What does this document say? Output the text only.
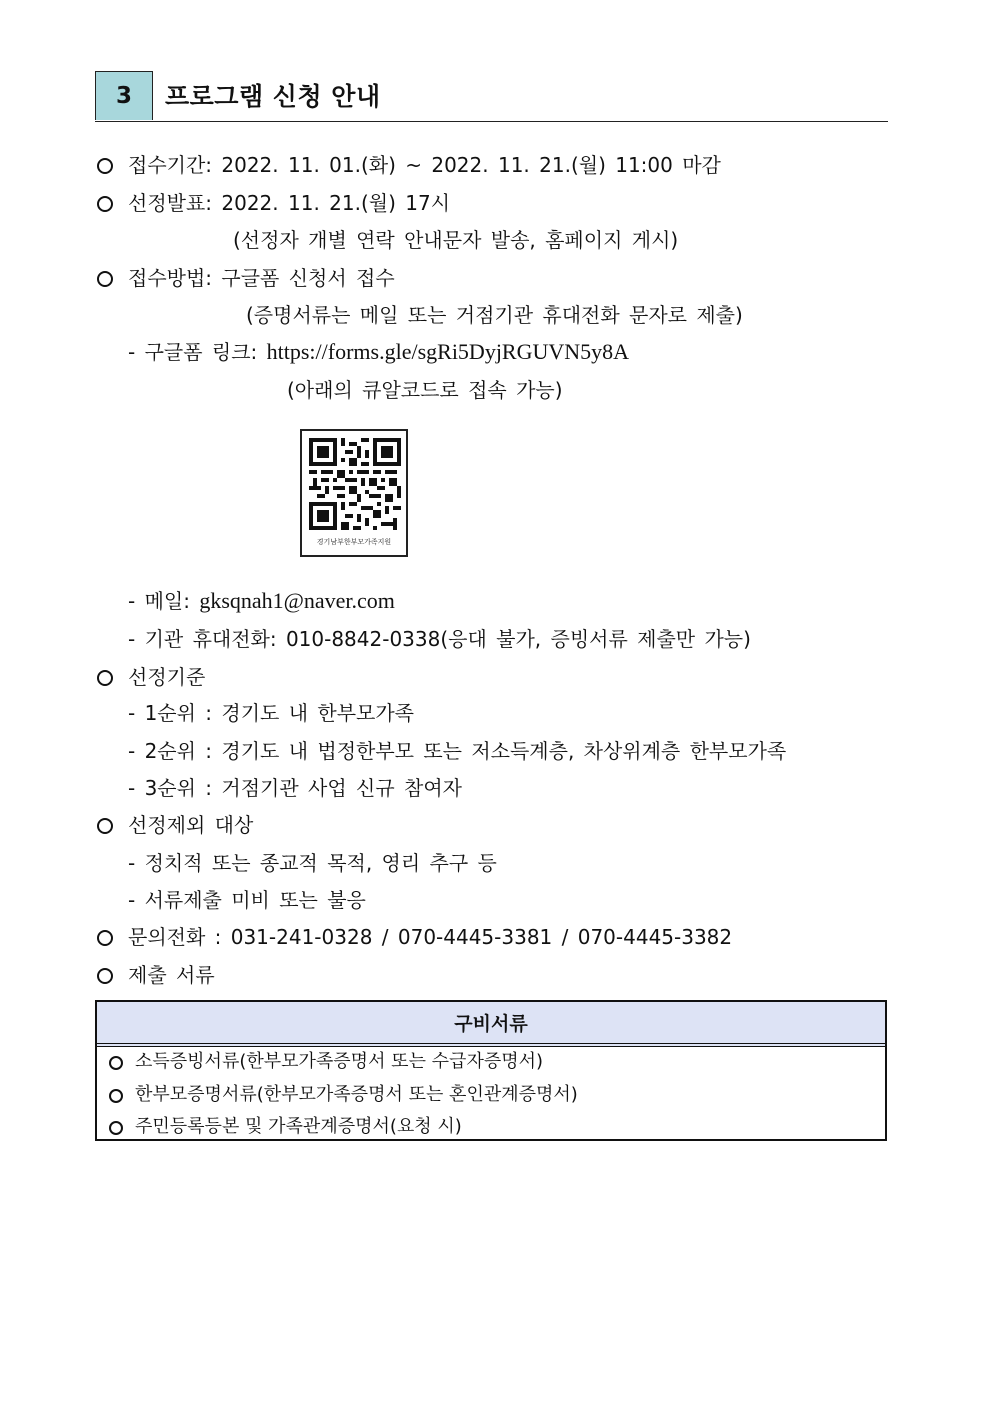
3	프로그램 신청 안내
접수기간: 2022. 11. 01.(화) ~ 2022. 11. 21.(월) 11:00 마감
선정발표: 2022. 11. 21.(월) 17시
(선정자 개별 연락 안내문자 발송, 홈페이지 게시)
접수방법: 구글폼 신청서 접수
(증명서류는 메일 또는 거점기관 휴대전화 문자로 제출)
- 구글폼 링크: https://forms.gle/sgRi5DyjRGUVN5y8A
(아래의 큐알코드로 접속 가능)
경기남부한부모가족지원
- 메일: gksqnah1@naver.com
- 기관 휴대전화: 010-8842-0338(응대 불가, 증빙서류 제출만 가능)
선정기준
- 1순위 : 경기도 내 한부모가족
- 2순위 : 경기도 내 법정한부모 또는 저소득계층, 차상위계층 한부모가족
- 3순위 : 거점기관 사업 신규 참여자
선정제외 대상
- 정치적 또는 종교적 목적, 영리 추구 등
- 서류제출 미비 또는 불응
문의전화 : 031-241-0328 / 070-4445-3381 / 070-4445-3382
제출 서류
구비서류
소득증빙서류(한부모가족증명서 또는 수급자증명서)
한부모증명서류(한부모가족증명서 또는 혼인관계증명서)
주민등록등본 및 가족관계증명서(요청 시)
